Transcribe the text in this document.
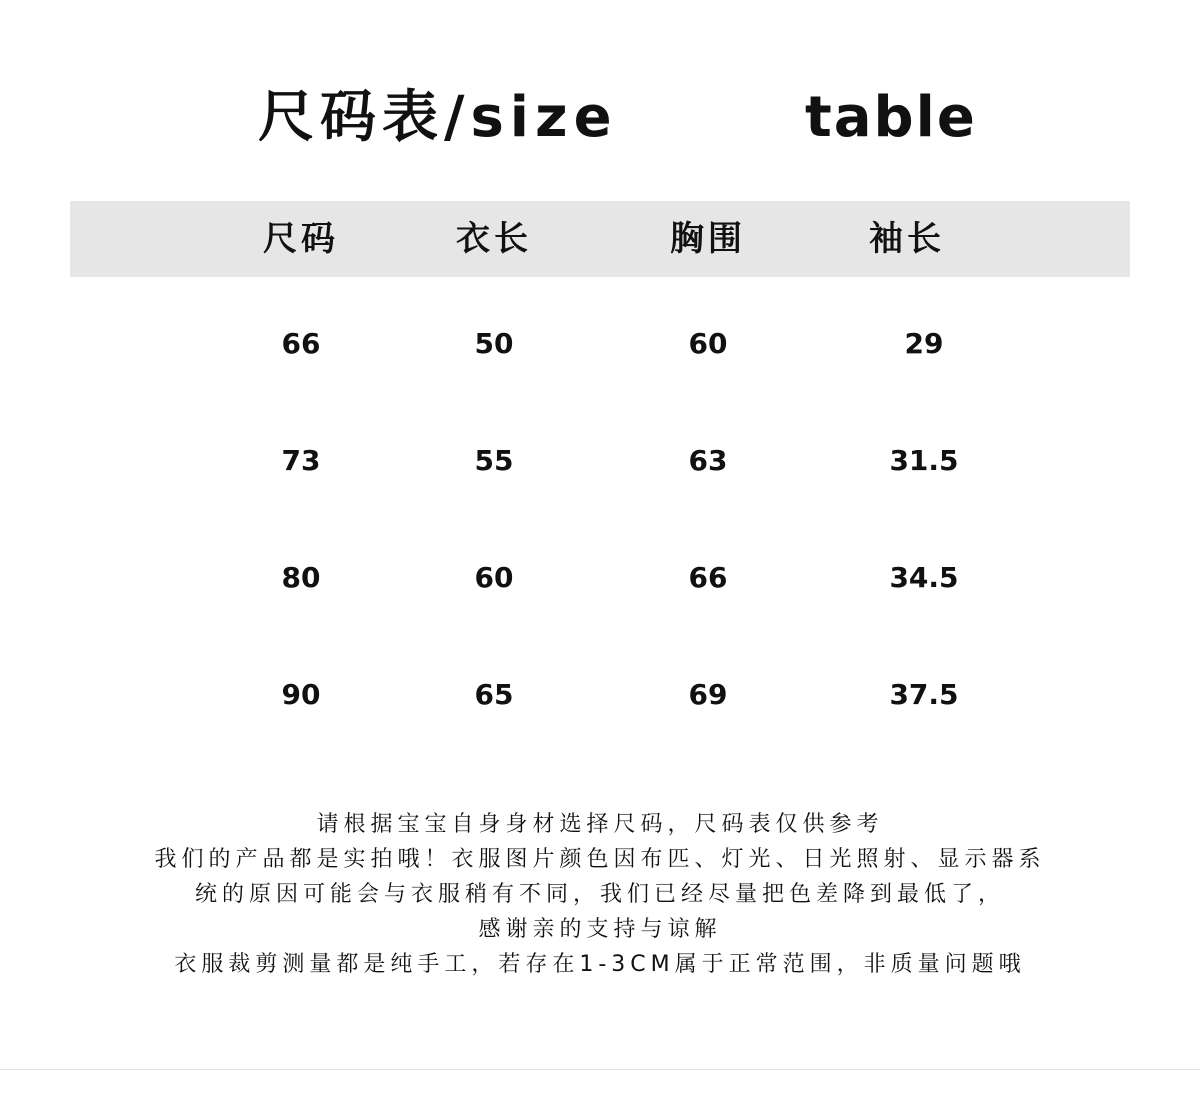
尺码表/size	table
尺码	衣长	胸围	袖长
66	50	60	29
73	55	63	31.5
80	60	66	34.5
90	65	69	37.5
请根据宝宝自身身材选择尺码，尺码表仅供参考
我们的产品都是实拍哦！衣服图片颜色因布匹、灯光、日光照射、显示器系
统的原因可能会与衣服稍有不同，我们已经尽量把色差降到最低了，
感谢亲的支持与谅解
衣服裁剪测量都是纯手工，若存在1-3CM属于正常范围，非质量问题哦
